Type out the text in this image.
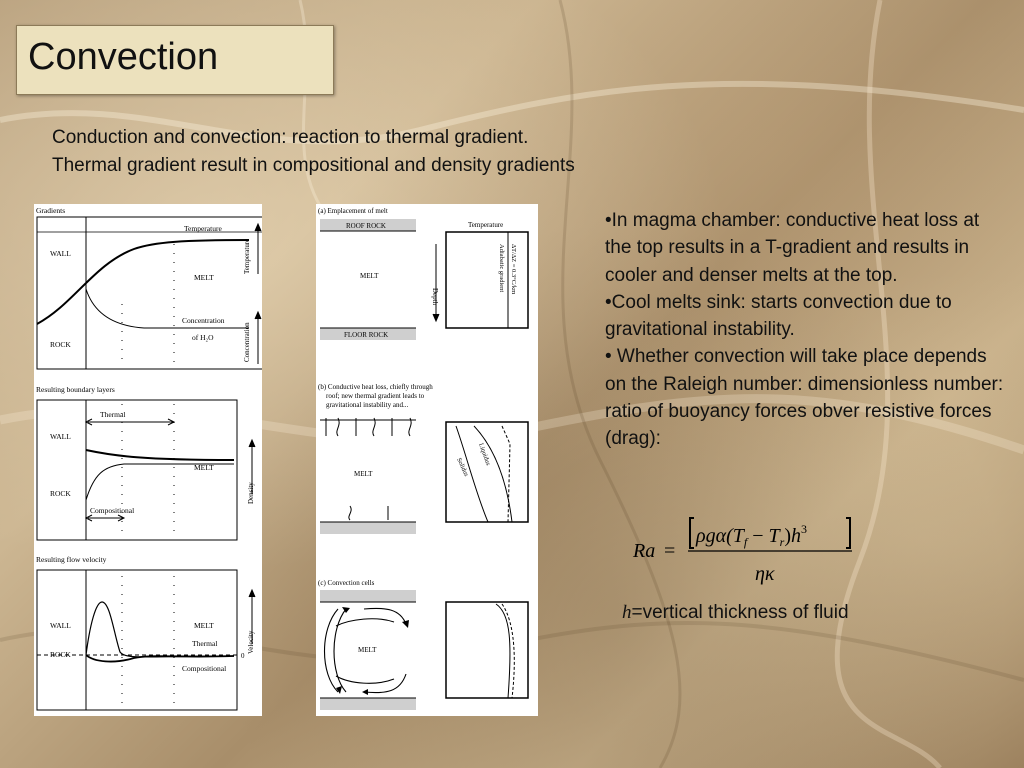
Convection
Conduction and convection: reaction to thermal gradient.
Thermal gradient result in compositional and density gradients
Gradients
WALL
ROCK
Temperature
MELT
Concentration
of H₂O
Temperature
Concentration
Resulting boundary layers
Thermal
WALL
MELT
ROCK
Compositional
Density
Resulting flow velocity
WALL	MELT
Thermal
ROCK
Compositional
0
Velocity
(a) Emplacement of melt
ROOF ROCK
MELT
FLOOR ROCK
Temperature
Depth
ΔT/ΔZ = 0.3°C/km
Adiabatic gradient
(b) Conductive heat loss, chiefly through
roof; new thermal gradient leads to
gravitational instability and...
MELT	Solidus
Liquidus
(c) Convection cells
MELT

•In magma chamber: conductive heat loss at the top results in a T-gradient and results in cooler and denser melts at the top.

•Cool melts sink: starts convection due to gravitational instability.

• Whether convection will take place depends on the Raleigh number: dimensionless number: ratio of buoyancy forces obver resistive forces (drag):

Ra =
$\rho g\alpha(T_f - T_r)h^3$
ηκ
h=vertical thickness of fluid
